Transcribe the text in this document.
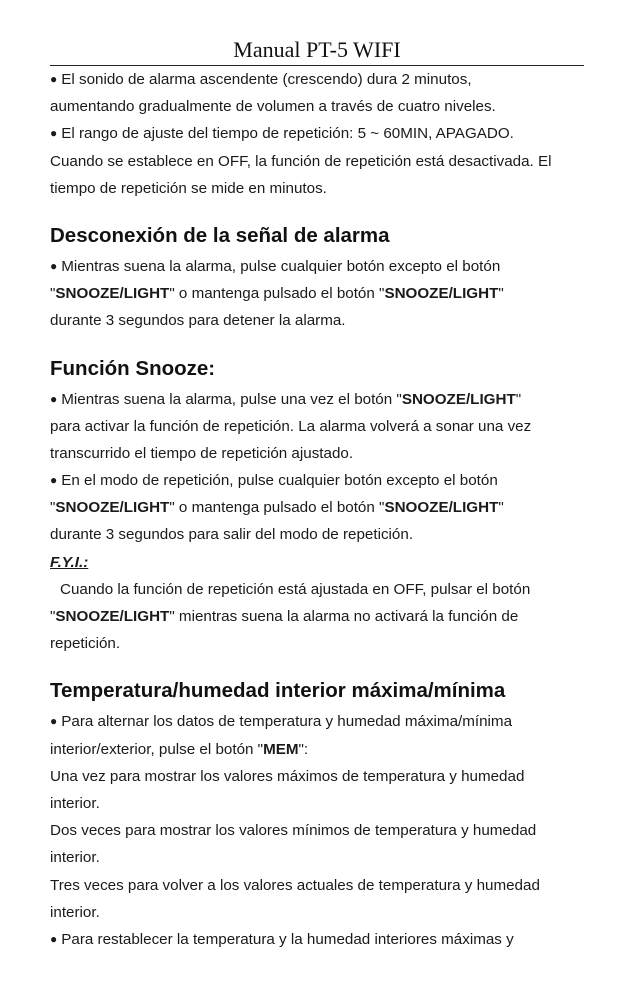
Manual PT-5 WIFI
● El sonido de alarma ascendente (crescendo) dura 2 minutos,
aumentando gradualmente de volumen a través de cuatro niveles.
● El rango de ajuste del tiempo de repetición: 5 ~ 60MIN, APAGADO.
Cuando se establece en OFF, la función de repetición está desactivada. El
tiempo de repetición se mide en minutos.
Desconexión de la señal de alarma
● Mientras suena la alarma, pulse cualquier botón excepto el botón
"SNOOZE/LIGHT" o mantenga pulsado el botón "SNOOZE/LIGHT"
durante 3 segundos para detener la alarma.
Función Snooze:
● Mientras suena la alarma, pulse una vez el botón "SNOOZE/LIGHT"
para activar la función de repetición. La alarma volverá a sonar una vez
transcurrido el tiempo de repetición ajustado.
● En el modo de repetición, pulse cualquier botón excepto el botón
"SNOOZE/LIGHT" o mantenga pulsado el botón "SNOOZE/LIGHT"
durante 3 segundos para salir del modo de repetición.
F.Y.I.:
Cuando la función de repetición está ajustada en OFF, pulsar el botón
"SNOOZE/LIGHT" mientras suena la alarma no activará la función de
repetición.
Temperatura/humedad interior máxima/mínima
● Para alternar los datos de temperatura y humedad máxima/mínima
interior/exterior, pulse el botón "MEM":
Una vez para mostrar los valores máximos de temperatura y humedad
interior.
Dos veces para mostrar los valores mínimos de temperatura y humedad
interior.
Tres veces para volver a los valores actuales de temperatura y humedad
interior.
● Para restablecer la temperatura y la humedad interiores máximas y
